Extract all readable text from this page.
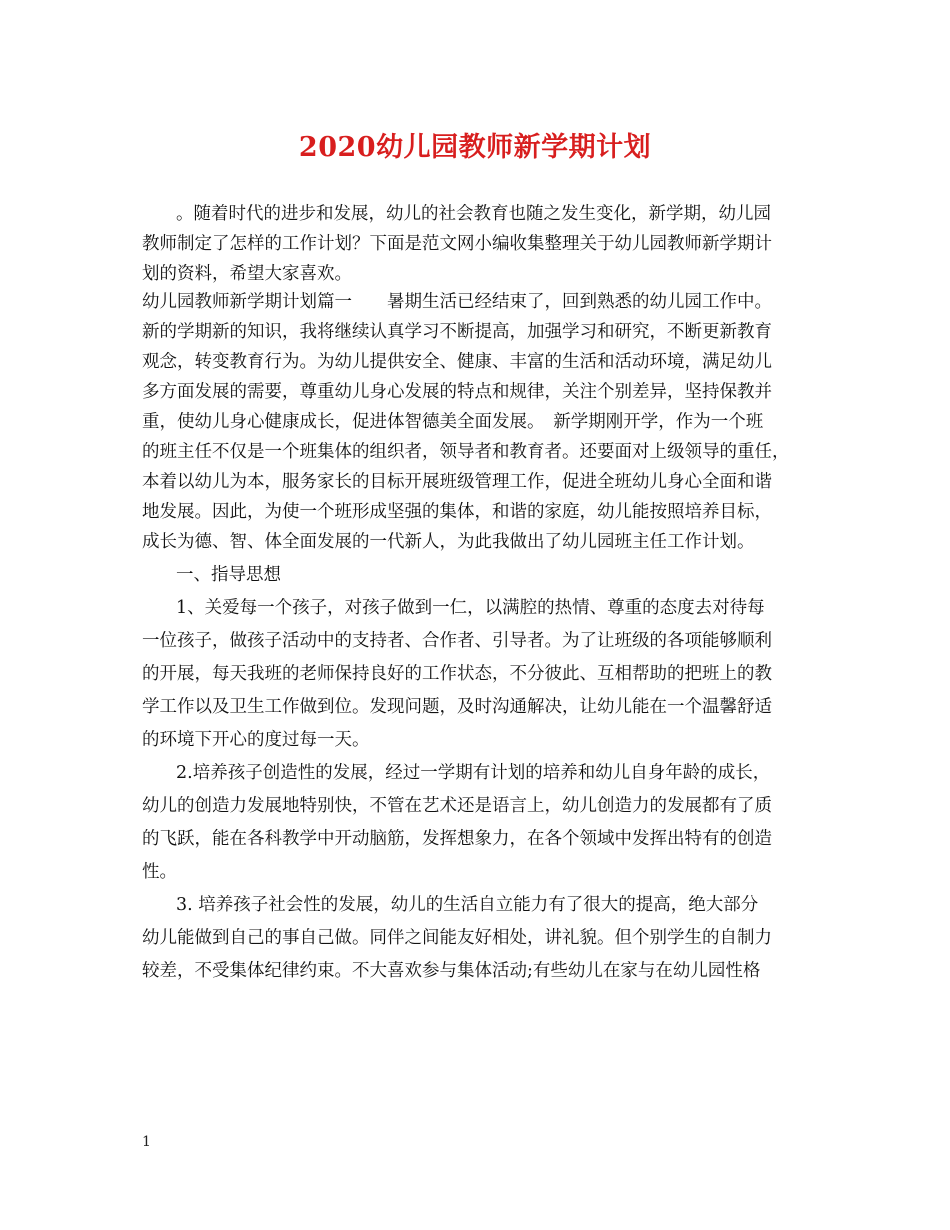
2020幼儿园教师新学期计划
。随着时代的进步和发展，幼儿的社会教育也随之发生变化，新学期，幼儿园
教师制定了怎样的工作计划？下面是范文网小编收集整理关于幼儿园教师新学期计
划的资料，希望大家喜欢。
幼儿园教师新学期计划篇一　　暑期生活已经结束了，回到熟悉的幼儿园工作中。
新的学期新的知识，我将继续认真学习不断提高，加强学习和研究，不断更新教育
观念，转变教育行为。为幼儿提供安全、健康、丰富的生活和活动环境，满足幼儿
多方面发展的需要，尊重幼儿身心发展的特点和规律，关注个别差异，坚持保教并
重，使幼儿身心健康成长，促进体智德美全面发展。　新学期刚开学，作为一个班
的班主任不仅是一个班集体的组织者，领导者和教育者。还要面对上级领导的重任，
本着以幼儿为本，服务家长的目标开展班级管理工作，促进全班幼儿身心全面和谐
地发展。因此，为使一个班形成坚强的集体，和谐的家庭，幼儿能按照培养目标，
成长为德、智、体全面发展的一代新人，为此我做出了幼儿园班主任工作计划。
一、指导思想
1、关爱每一个孩子，对孩子做到一仁，以满腔的热情、尊重的态度去对待每
一位孩子，做孩子活动中的支持者、合作者、引导者。为了让班级的各项能够顺利
的开展，每天我班的老师保持良好的工作状态，不分彼此、互相帮助的把班上的教
学工作以及卫生工作做到位。发现问题，及时沟通解决，让幼儿能在一个温馨舒适
的环境下开心的度过每一天。
2.培养孩子创造性的发展，经过一学期有计划的培养和幼儿自身年龄的成长，
幼儿的创造力发展地特别快，不管在艺术还是语言上，幼儿创造力的发展都有了质
的飞跃，能在各科教学中开动脑筋，发挥想象力，在各个领域中发挥出特有的创造
性。
3. 培养孩子社会性的发展，幼儿的生活自立能力有了很大的提高，绝大部分
幼儿能做到自己的事自己做。同伴之间能友好相处，讲礼貌。但个别学生的自制力
较差，不受集体纪律约束。不大喜欢参与集体活动;有些幼儿在家与在幼儿园性格
1
